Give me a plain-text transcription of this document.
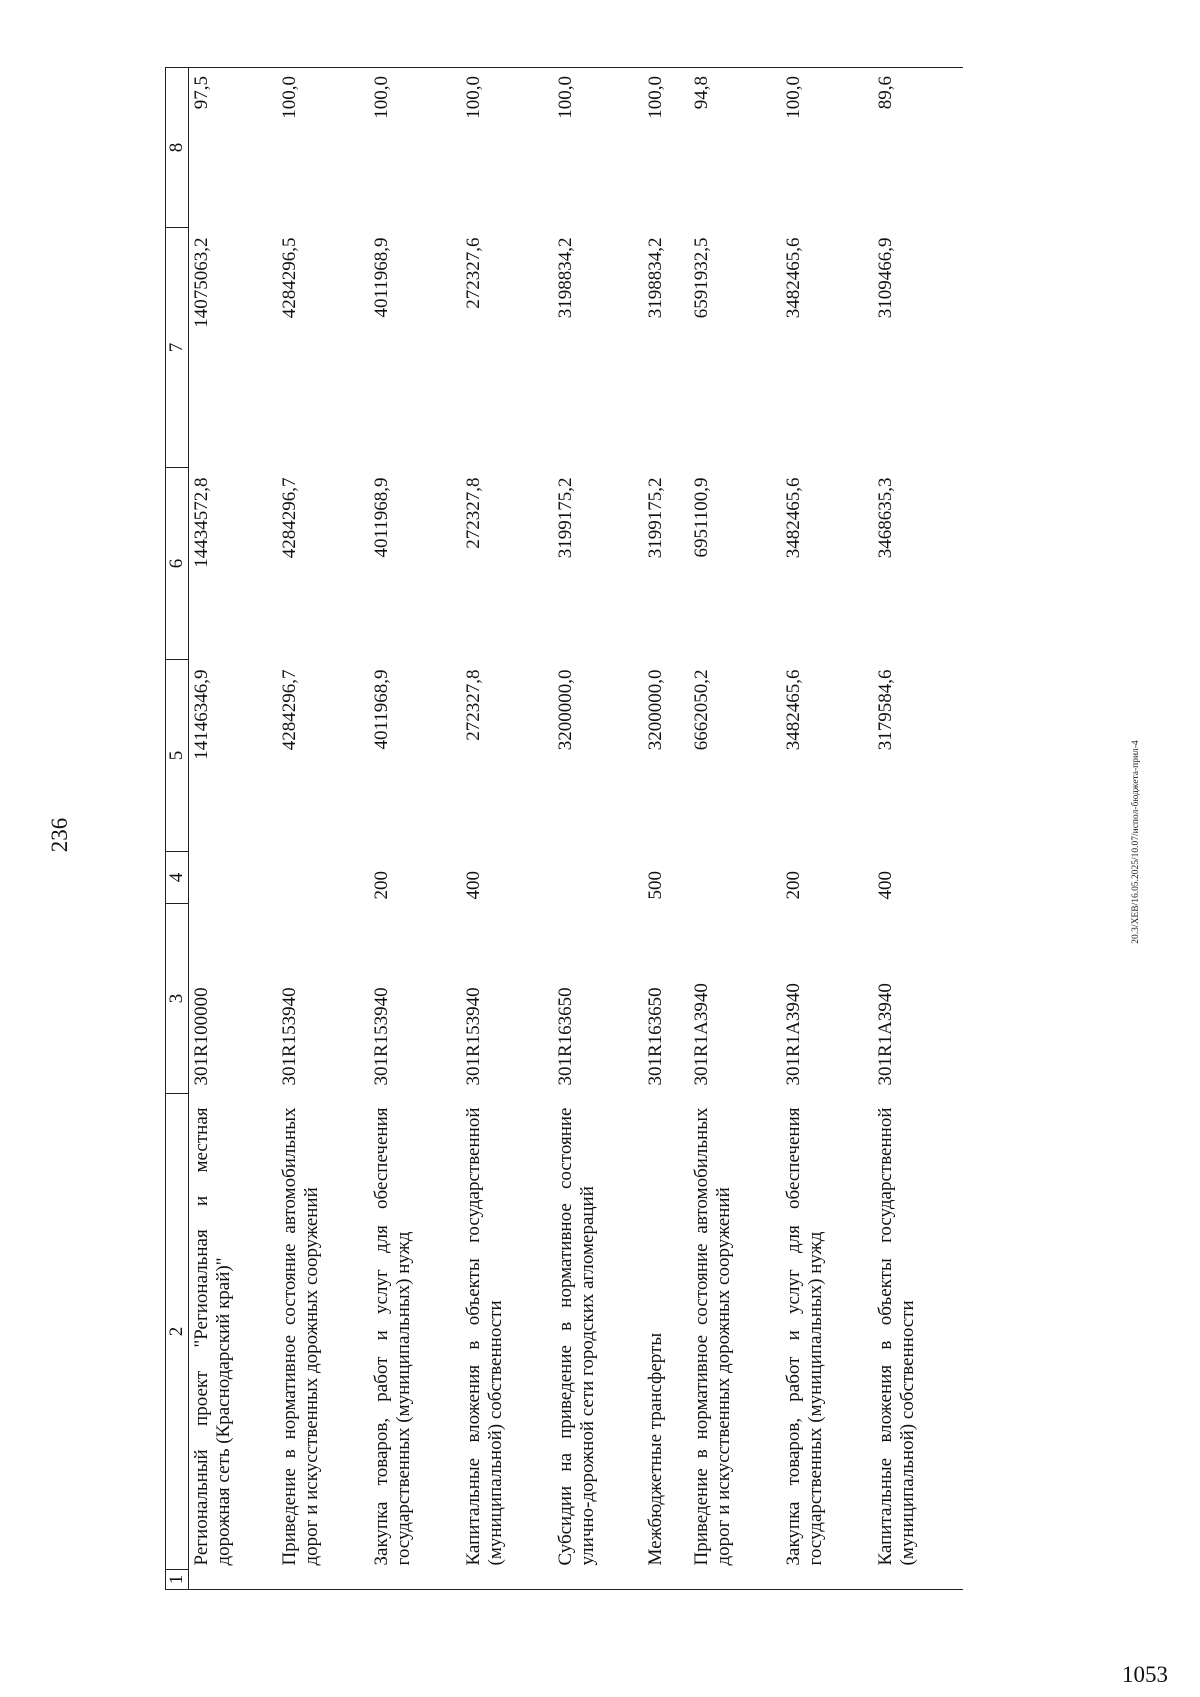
236	20.3/XEB/16.05.2025/10.07/испол-бюджета-прил-4
1053
1	2	3	4	5	6	7	8
	Региональный проект "Региональная и местная дорожная сеть (Краснодарский край)"	301R100000		14146346,9	14434572,8	14075063,2	97,5
	Приведение в нормативное состояние автомобильных дорог и искусственных дорожных сооружений	301R153940		4284296,7	4284296,7	4284296,5	100,0
	Закупка товаров, работ и услуг для обеспечения государственных (муниципальных) нужд	301R153940	200	4011968,9	4011968,9	4011968,9	100,0
	Капитальные вложения в объекты государственной (муниципальной) собственности	301R153940	400	272327,8	272327,8	272327,6	100,0
	Субсидии на приведение в нормативное состояние улично-дорожной сети городских агломераций	301R163650		3200000,0	3199175,2	3198834,2	100,0
	Межбюджетные трансферты	301R163650	500	3200000,0	3199175,2	3198834,2	100,0
	Приведение в нормативное состояние автомобильных дорог и искусственных дорожных сооружений	301R1A3940		6662050,2	6951100,9	6591932,5	94,8
	Закупка товаров, работ и услуг для обеспечения государственных (муниципальных) нужд	301R1A3940	200	3482465,6	3482465,6	3482465,6	100,0
	Капитальные вложения в объекты государственной (муниципальной) собственности	301R1A3940	400	3179584,6	3468635,3	3109466,9	89,6
